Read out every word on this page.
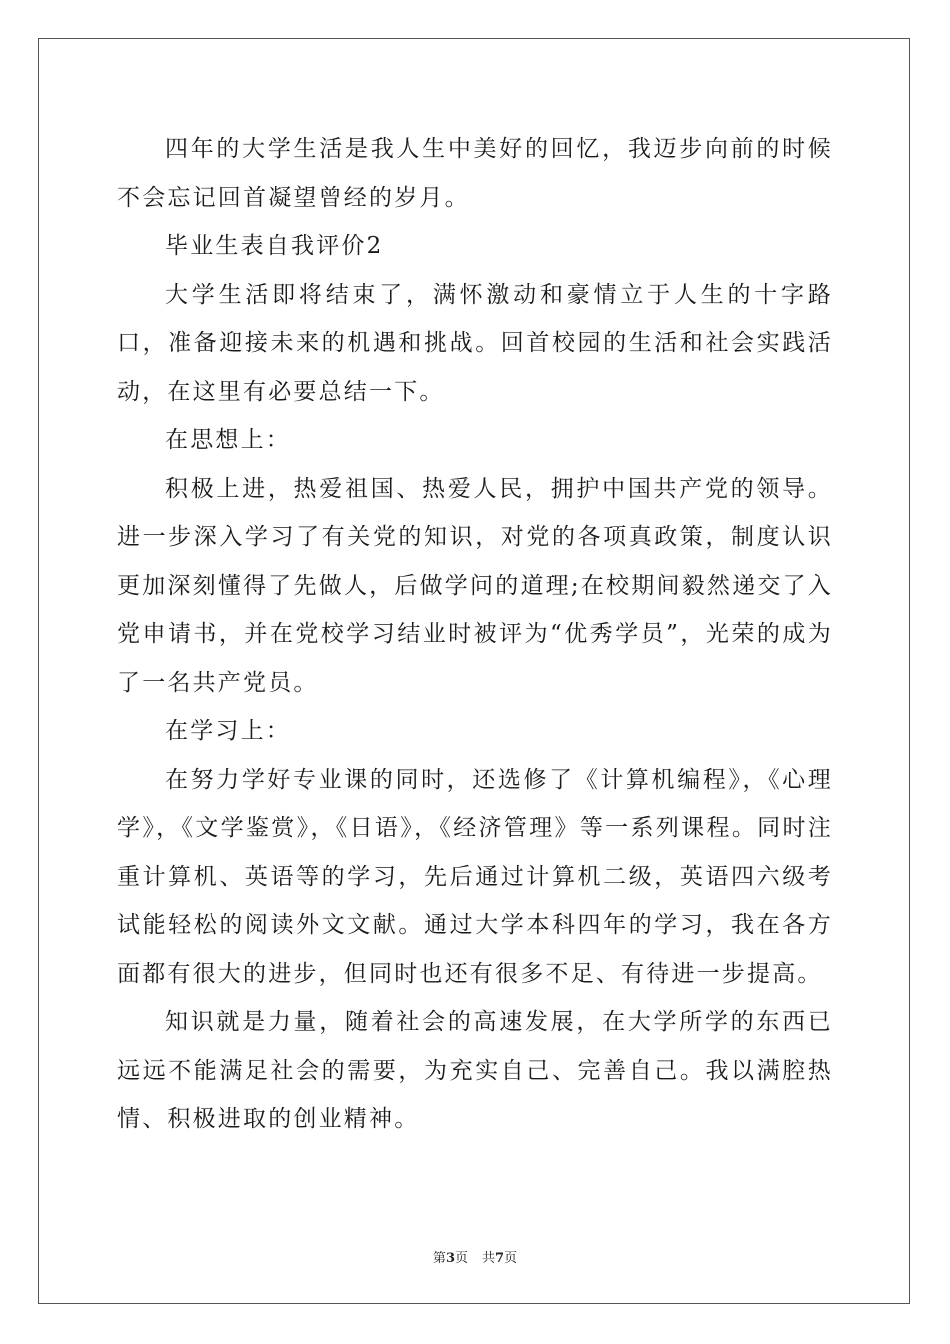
四年的大学生活是我人生中美好的回忆，我迈步向前的时候不会忘记回首凝望曾经的岁月。

毕业生表自我评价2

大学生活即将结束了，满怀激动和豪情立于人生的十字路口，准备迎接未来的机遇和挑战。回首校园的生活和社会实践活动，在这里有必要总结一下。

在思想上：

积极上进，热爱祖国、热爱人民，拥护中国共产党的领导。进一步深入学习了有关党的知识，对党的各项真政策，制度认识更加深刻懂得了先做人，后做学问的道理;在校期间毅然递交了入党申请书，并在党校学习结业时被评为“优秀学员”，光荣的成为了一名共产党员。

在学习上：

在努力学好专业课的同时，还选修了《计算机编程》，《心理学》，《文学鉴赏》，《日语》，《经济管理》等一系列课程。同时注重计算机、英语等的学习，先后通过计算机二级，英语四六级考试能轻松的阅读外文文献。通过大学本科四年的学习，我在各方面都有很大的进步，但同时也还有很多不足、有待进一步提高。

知识就是力量，随着社会的高速发展，在大学所学的东西已远远不能满足社会的需要，为充实自己、完善自己。我以满腔热情、积极进取的创业精神。

第3页 共7页
